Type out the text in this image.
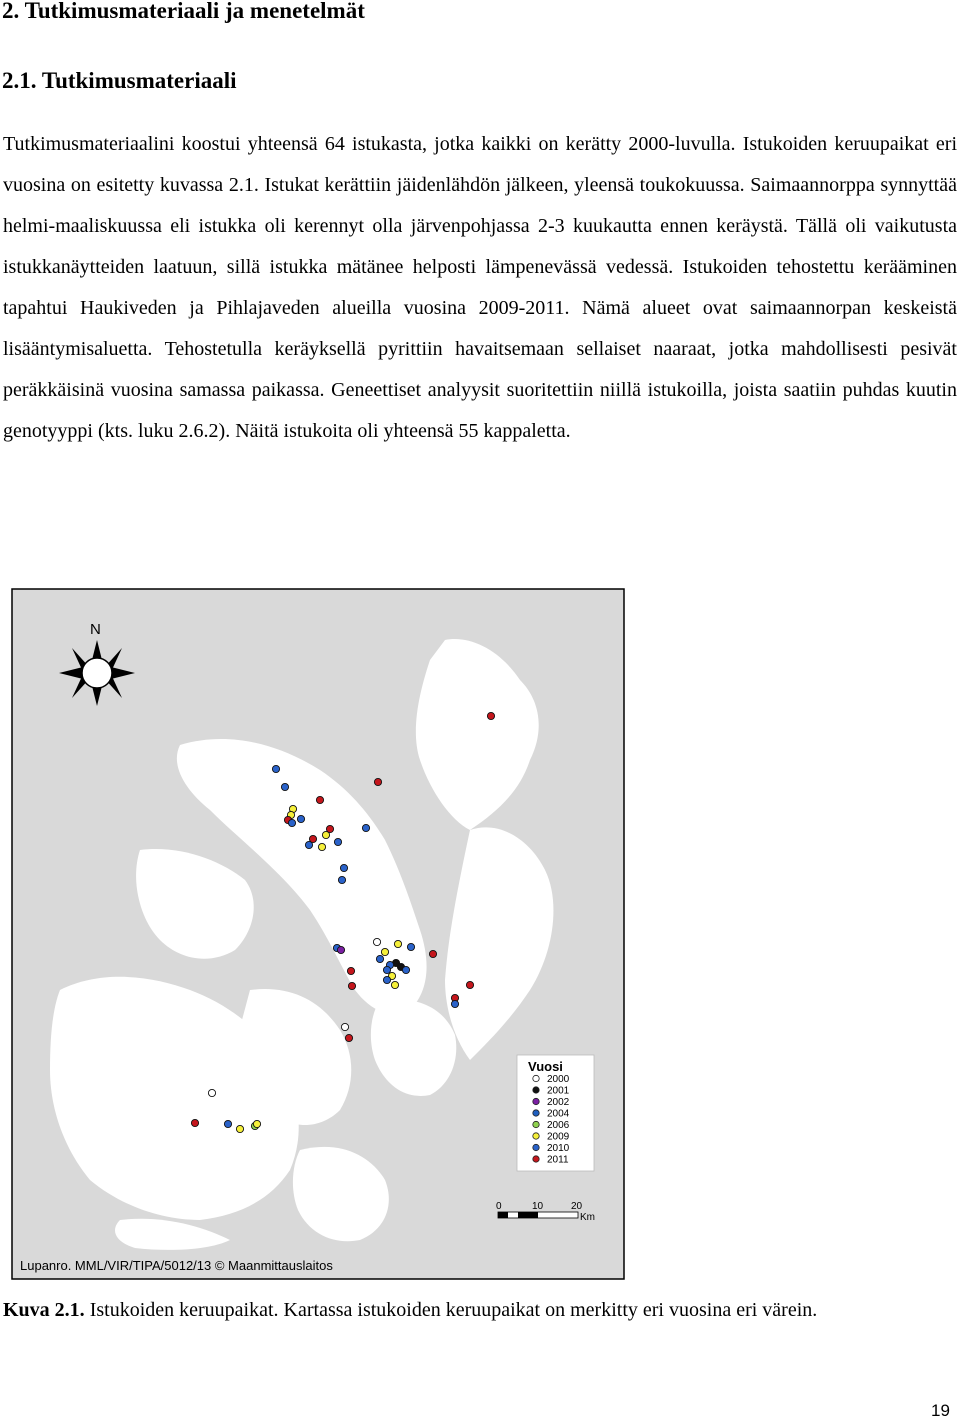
2. Tutkimusmateriaali ja menetelmät
2.1. Tutkimusmateriaali

Tutkimusmateriaalini koostui yhteensä 64 istukasta, jotka kaikki on kerätty 2000-luvulla. Istukoiden keruupaikat eri vuosina on esitetty kuvassa 2.1. Istukat kerättiin jäidenlähdön jälkeen, yleensä toukokuussa. Saimaannorppa synnyttää helmi-maaliskuussa eli istukka oli kerennyt olla järvenpohjassa 2-3 kuukautta ennen keräystä. Tällä oli vaikutusta istukkanäytteiden laatuun, sillä istukka mätänee helposti lämpenevässä vedessä. Istukoiden tehostettu kerääminen tapahtui Haukiveden ja Pihlajaveden alueilla vuosina 2009-2011. Nämä alueet ovat saimaannorpan keskeistä lisääntymisaluetta. Tehostetulla keräyksellä pyrittiin havaitsemaan sellaiset naaraat, jotka mahdollisesti pesivät peräkkäisinä vuosina samassa paikassa. Geneettiset analyysit suoritettiin niillä istukoilla, joista saatiin puhdas kuutin genotyyppi (kts. luku 2.6.2). Näitä istukoita oli yhteensä 55 kappaletta.

N
Vuosi
2000
2001
2002
2004
2006
2009
2010
2011
0	10	20
Km
Lupanro. MML/VIR/TIPA/5012/13 © Maanmittauslaitos

Kuva 2.1. Istukoiden keruupaikat. Kartassa istukoiden keruupaikat on merkitty eri vuosina eri värein.

19
